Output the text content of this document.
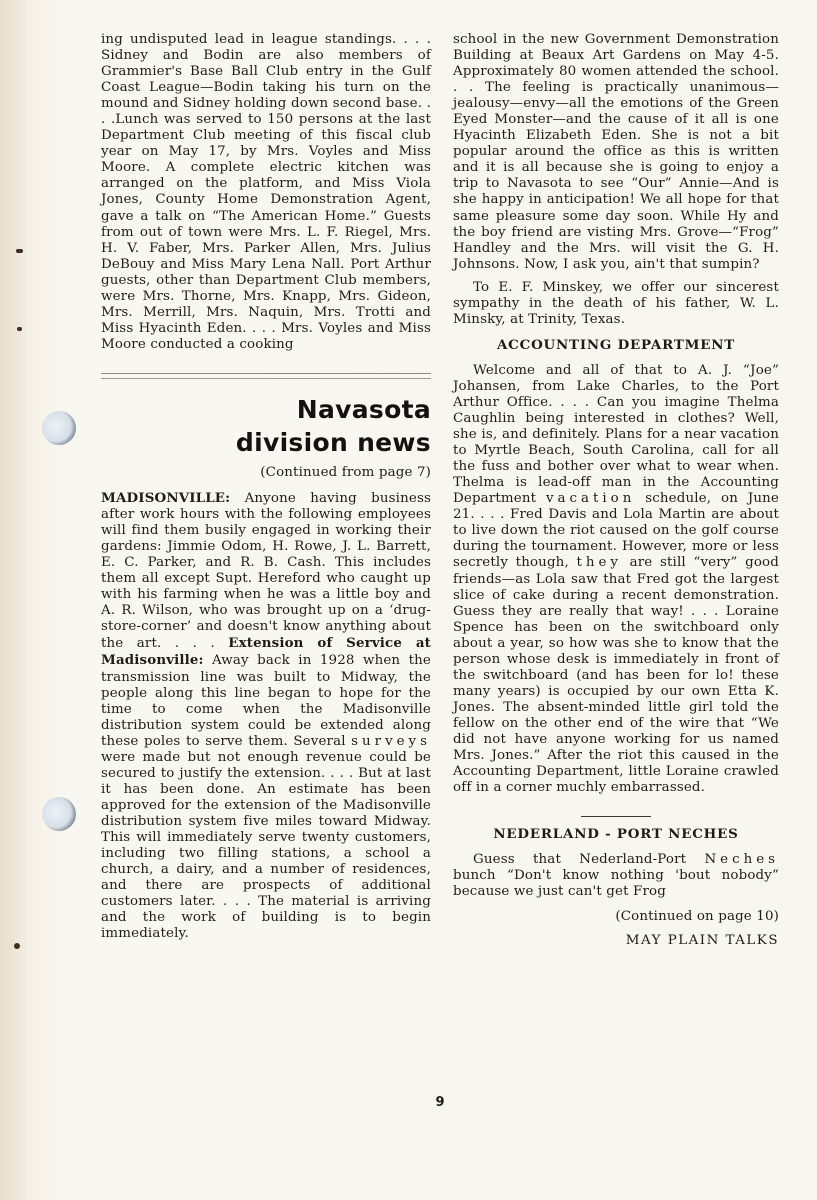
ing undisputed lead in league standings. . . . Sidney and Bodin are also members of Grammier's Base Ball Club entry in the Gulf Coast League—Bodin taking his turn on the mound and Sidney holding down second base. . . .Lunch was served to 150 persons at the last Department Club meeting of this fiscal club year on May 17, by Mrs. Voyles and Miss Moore. A complete electric kitchen was arranged on the platform, and Miss Viola Jones, County Home Demonstration Agent, gave a talk on “The American Home.” Guests from out of town were Mrs. L. F. Riegel, Mrs. H. V. Faber, Mrs. Parker Allen, Mrs. Julius DeBouy and Miss Mary Lena Nall. Port Arthur guests, other than Department Club members, were Mrs. Thorne, Mrs. Knapp, Mrs. Gideon, Mrs. Merrill, Mrs. Naquin, Mrs. Trotti and Miss Hyacinth Eden. . . . Mrs. Voyles and Miss Moore conducted a cooking

Navasota
division news
(Continued from page 7)

MADISONVILLE: Anyone having business after work hours with the following employees will find them busily engaged in working their gardens: Jimmie Odom, H. Rowe, J. L. Barrett, E. C. Parker, and R. B. Cash. This includes them all except Supt. Hereford who caught up with his farming when he was a little boy and A. R. Wilson, who was brought up on a ‘drug-store-corner’ and doesn't know anything about the art. . . . Extension of Service at Madisonville: Away back in 1928 when the transmission line was built to Midway, the people along this line began to hope for the time to come when the Madisonville distribution system could be extended along these poles to serve them. Several surveys were made but not enough revenue could be secured to justify the extension. . . . But at last it has been done. An estimate has been approved for the extension of the Madisonville distribution system five miles toward Midway. This will immediately serve twenty customers, including two filling stations, a school a church, a dairy, and a number of residences, and there are prospects of additional customers later. . . . The material is arriving and the work of building is to begin immediately.

school in the new Government Demonstration Building at Beaux Art Gardens on May 4-5. Approximately 80 women attended the school. . . The feeling is practically unanimous—jealousy—envy—all the emotions of the Green Eyed Monster—and the cause of it all is one Hyacinth Elizabeth Eden. She is not a bit popular around the office as this is written and it is all because she is going to enjoy a trip to Navasota to see “Our” Annie—And is she happy in anticipation! We all hope for that same pleasure some day soon. While Hy and the boy friend are visting Mrs. Grove—“Frog” Handley and the Mrs. will visit the G. H. Johnsons. Now, I ask you, ain't that sumpin?

To E. F. Minskey, we offer our sincerest sympathy in the death of his father, W. L. Minsky, at Trinity, Texas.

ACCOUNTING DEPARTMENT

Welcome and all of that to A. J. “Joe” Johansen, from Lake Charles, to the Port Arthur Office. . . . Can you imagine Thelma Caughlin being interested in clothes? Well, she is, and definitely. Plans for a near vacation to Myrtle Beach, South Carolina, call for all the fuss and bother over what to wear when. Thelma is lead-off man in the Accounting Department vacation schedule, on June 21. . . . Fred Davis and Lola Martin are about to live down the riot caused on the golf course during the tournament. However, more or less secretly though, they are still “very” good friends—as Lola saw that Fred got the largest slice of cake during a recent demonstration. Guess they are really that way! . . . Loraine Spence has been on the switchboard only about a year, so how was she to know that the person whose desk is immediately in front of the switchboard (and has been for lo! these many years) is occupied by our own Etta K. Jones. The absent-minded little girl told the fellow on the other end of the wire that “We did not have anyone working for us named Mrs. Jones.” After the riot this caused in the Accounting Department, little Loraine crawled off in a corner muchly embarrassed.

NEDERLAND - PORT NECHES

Guess that Nederland-Port Neches bunch “Don't know nothing 'bout nobody” because we just can't get Frog

(Continued on page 10)
MAY PLAIN TALKS
9
